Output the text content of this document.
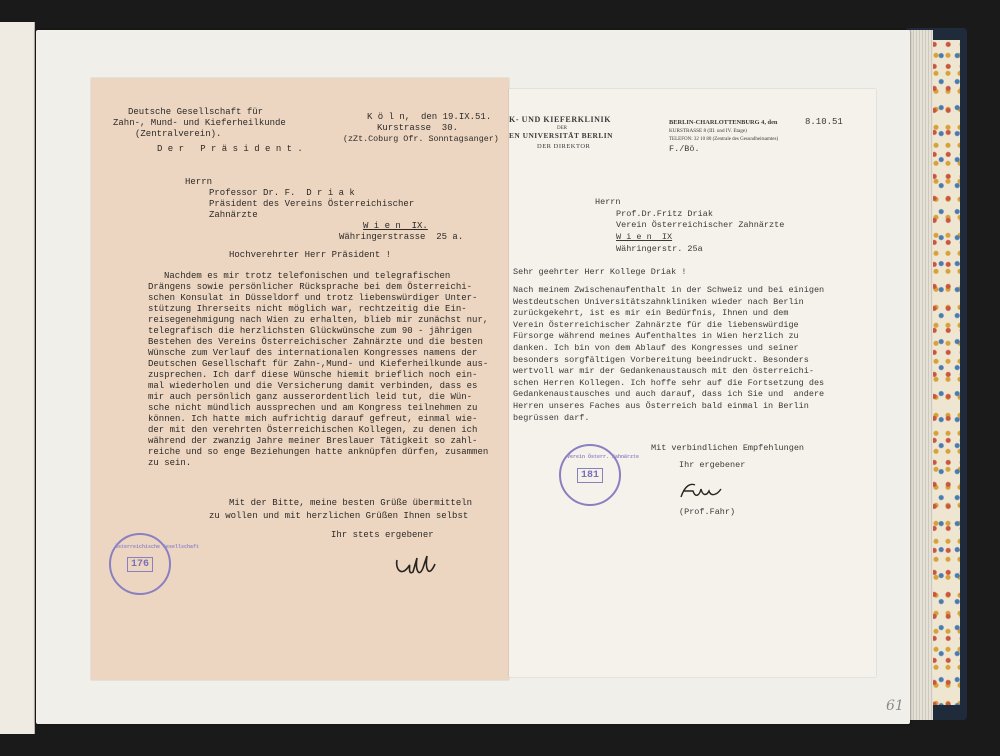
Deutsche Gesellschaft für
Zahn-, Mund- und Kieferheilkunde
(Zentralverein).
D e r   P r ä s i d e n t .
K ö l n,  den 19.IX.51.
Kurstrasse  30.
(zZt.Coburg Ofr. Sonntagsanger)
Herrn
Professor Dr. F.  D r i a k
Präsident des Vereins Österreichischer
Zahnärzte
W i e n  IX.
Währingerstrasse  25 a.
Hochverehrter Herr Präsident !
Nachdem es mir trotz telefonischen und telegrafischen
Drängens sowie persönlicher Rücksprache bei dem Österreichi-
schen Konsulat in Düsseldorf und trotz liebenswürdiger Unter-
stützung Ihrerseits nicht möglich war, rechtzeitig die Ein-
reisegenehmigung nach Wien zu erhalten, blieb mir zunächst nur,
telegrafisch die herzlichsten Glückwünsche zum 90 - jährigen
Bestehen des Vereins Österreichischer Zahnärzte und die besten
Wünsche zum Verlauf des internationalen Kongresses namens der
Deutschen Gesellschaft für Zahn-,Mund- und Kieferheilkunde aus-
zusprechen. Ich darf diese Wünsche hiemit brieflich noch ein-
mal wiederholen und die Versicherung damit verbinden, dass es
mir auch persönlich ganz ausserordentlich leid tut, die Wün-
sche nicht mündlich aussprechen und am Kongress teilnehmen zu
können. Ich hatte mich aufrichtig darauf gefreut, einmal wie-
der mit den verehrten Österreichischen Kollegen, zu denen ich
während der zwanzig Jahre meiner Breslauer Tätigkeit so zahl-
reiche und so enge Beziehungen hatte anknüpfen dürfen, zusammen
zu sein.
Mit der Bitte, meine besten Grüße übermitteln
zu wollen und mit herzlichen Grüßen Ihnen selbst
Ihr stets ergebener
176
Österreichische Gesellschaft
K- UND KIEFERKLINIK
DER
EN UNIVERSITÄT BERLIN
DER DIREKTOR
BERLIN-CHARLOTTENBURG 4, den
KURSTRASSE 8 (III. und IV. Etage)
TELEFON: 32 10 80 (Zentrale des Gesundheitsamtes)
8.10.51
F./Bö.
Herrn
Prof.Dr.Fritz Driak
Verein Österreichischer Zahnärzte
W i e n  IX
Währingerstr. 25a
Sehr geehrter Herr Kollege Driak !
Nach meinem Zwischenaufenthalt in der Schweiz und bei einigen
Westdeutschen Universitätszahnkliniken wieder nach Berlin
zurückgekehrt, ist es mir ein Bedürfnis, Ihnen und dem
Verein Österreichischer Zahnärzte für die liebenswürdige
Fürsorge während meines Aufenthaltes in Wien herzlich zu
danken. Ich bin von dem Ablauf des Kongresses und seiner
besonders sorgfältigen Vorbereitung beeindruckt. Besonders
wertvoll war mir der Gedankenaustausch mit den österreichi-
schen Herren Kollegen. Ich hoffe sehr auf die Fortsetzung des
Gedankenaustausches und auch darauf, dass ich Sie und  andere
Herren unseres Faches aus Österreich bald einmal in Berlin
begrüssen darf.
Mit verbindlichen Empfehlungen
Ihr ergebener
(Prof.Fahr)
181
Verein Österr. Zahnärzte
61
